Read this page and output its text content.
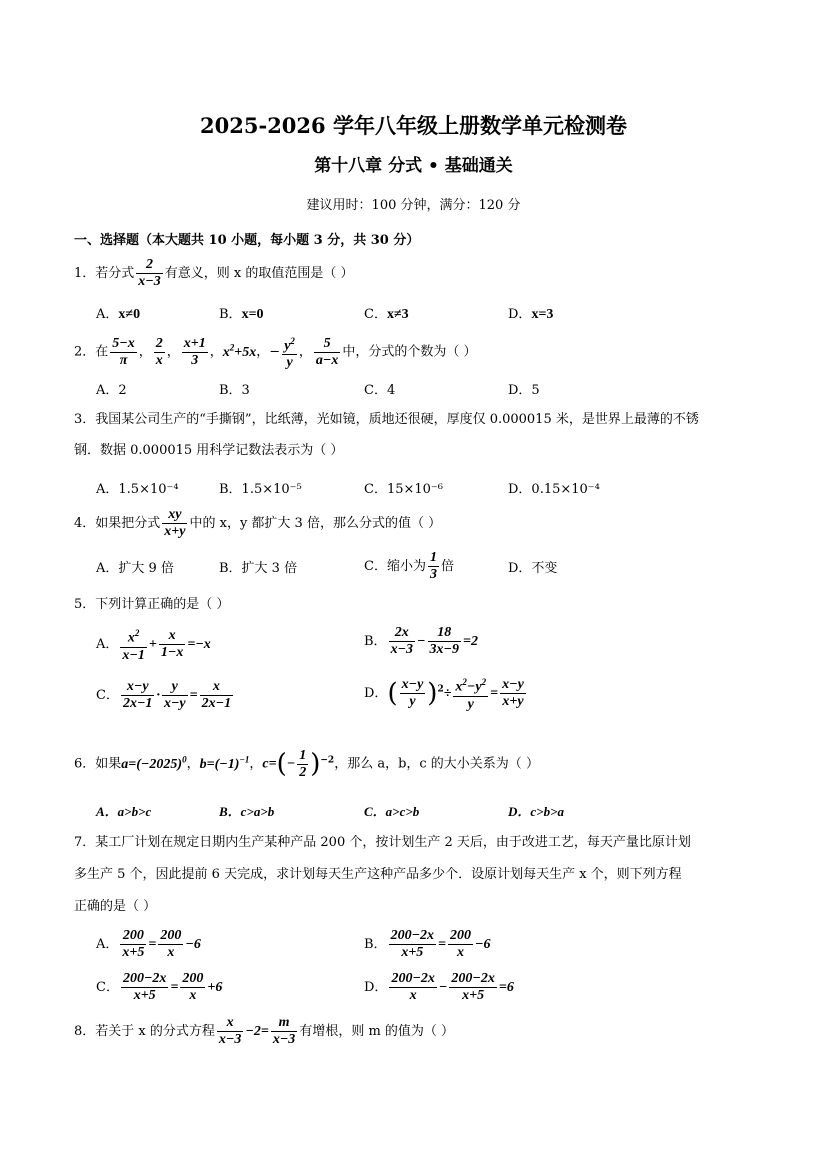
2025-2026 学年八年级上册数学单元检测卷
第十八章 分式 • 基础通关
建议用时：100 分钟，满分：120 分
一、选择题（本大题共 10 小题，每小题 3 分，共 30 分）
1．若分式 $\frac{2}{x-3}$ 有意义，则 x 的取值范围是（ ）
A．x≠0	B．x=0	C．x≠3	D．x=3
2．在 $\frac{5-x}{\pi}$ ， $\frac{2}{x}$ ， $\frac{x+1}{3}$ ，$x^2+5x$，− $\frac{y^2}{y}$ ， $\frac{5}{a-x}$ 中，分式的个数为（ ）
A．2	B．3	C．4	D．5
3．我国某公司生产的“手撕钢”，比纸薄，光如镜，质地还很硬，厚度仅 0.000015 米，是世界上最薄的不锈
钢．数据 0.000015 用科学记数法表示为（ ）
A．1.5×10⁻⁴	B．1.5×10⁻⁵	C．15×10⁻⁶	D．0.15×10⁻⁴
4．如果把分式 $\frac{xy}{x+y}$ 中的 x，y 都扩大 3 倍，那么分式的值（ ）
A．扩大 9 倍	B．扩大 3 倍	C．缩小为 $\frac{1}{3}$ 倍	D．不变
5．下列计算正确的是（ ）
A． $\frac{x^2}{x-1} + \frac{x}{1-x} =-x$	B． $\frac{2x}{x-3} - \frac{18}{3x-9} =2$
C． $\frac{x-y}{2x-1} \cdot \frac{y}{x-y} = \frac{x}{2x-1}$	D．( $\frac{x-y}{y} )^2\div \frac{x^2-y^2}{y} = \frac{x-y}{x+y}$
6．如果$a=(-2025)^0$，$b=(-1)^{-1}$，$c=(- \frac{1}{2} )^{-2}$，那么 a，b，c 的大小关系为（ ）
A．a>b>c	B．c>a>b	C．a>c>b	D．c>b>a
7．某工厂计划在规定日期内生产某种产品 200 个，按计划生产 2 天后，由于改进工艺，每天产量比原计划
多生产 5 个，因此提前 6 天完成，求计划每天生产这种产品多少个．设原计划每天生产 x 个，则下列方程
正确的是（ ）
A． $\frac{200}{x+5} = \frac{200}{x} -6$	B． $\frac{200-2x}{x+5} = \frac{200}{x} -6$
C． $\frac{200-2x}{x+5} = \frac{200}{x} +6$	D． $\frac{200-2x}{x} - \frac{200-2x}{x+5} =6$
8．若关于 x 的分式方程 $\frac{x}{x-3} -2= \frac{m}{x-3}$ 有增根，则 m 的值为（ ）
